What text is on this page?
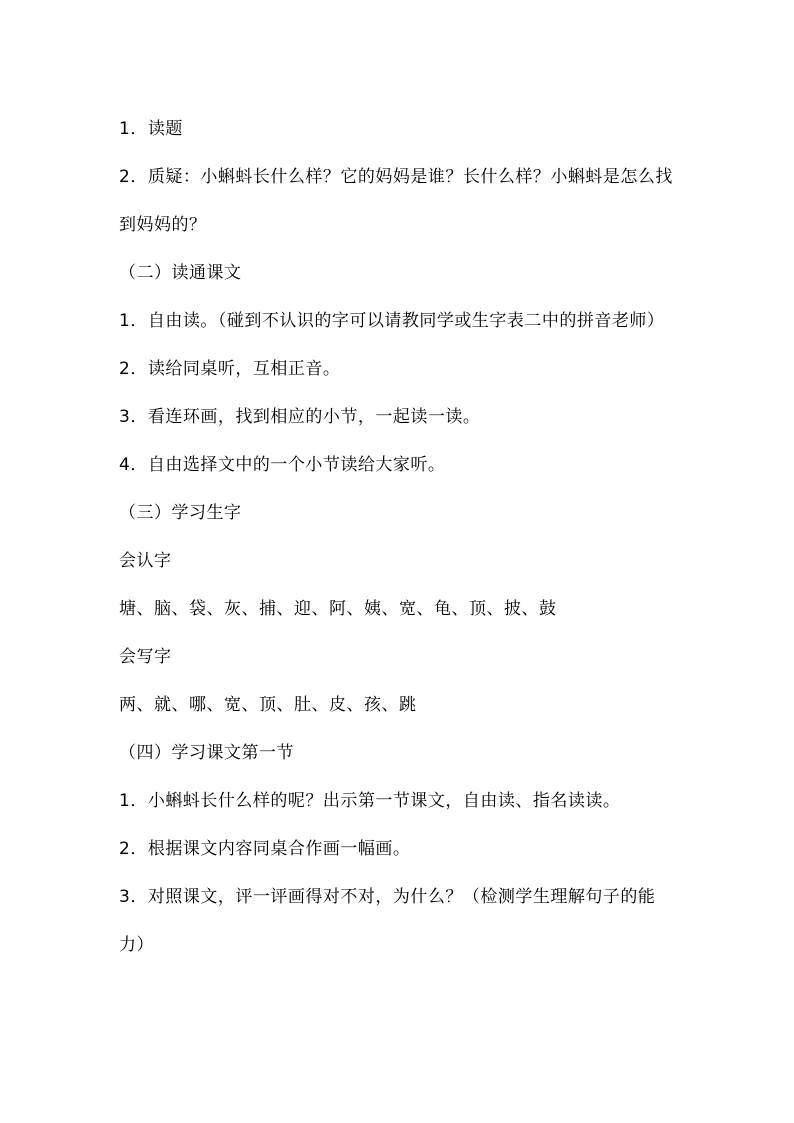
1．读题

2．质疑：小蝌蚪长什么样？它的妈妈是谁？长什么样？小蝌蚪是怎么找到妈妈的？

（二）读通课文

1．自由读。（碰到不认识的字可以请教同学或生字表二中的拼音老师）

2．读给同桌听，互相正音。

3．看连环画，找到相应的小节，一起读一读。

4．自由选择文中的一个小节读给大家听。

（三）学习生字

会认字

塘、脑、袋、灰、捕、迎、阿、姨、宽、龟、顶、披、鼓

会写字

两、就、哪、宽、顶、肚、皮、孩、跳

（四）学习课文第一节

1．小蝌蚪长什么样的呢？出示第一节课文，自由读、指名读读。

2．根据课文内容同桌合作画一幅画。

3．对照课文，评一评画得对不对，为什么？（检测学生理解句子的能力）
